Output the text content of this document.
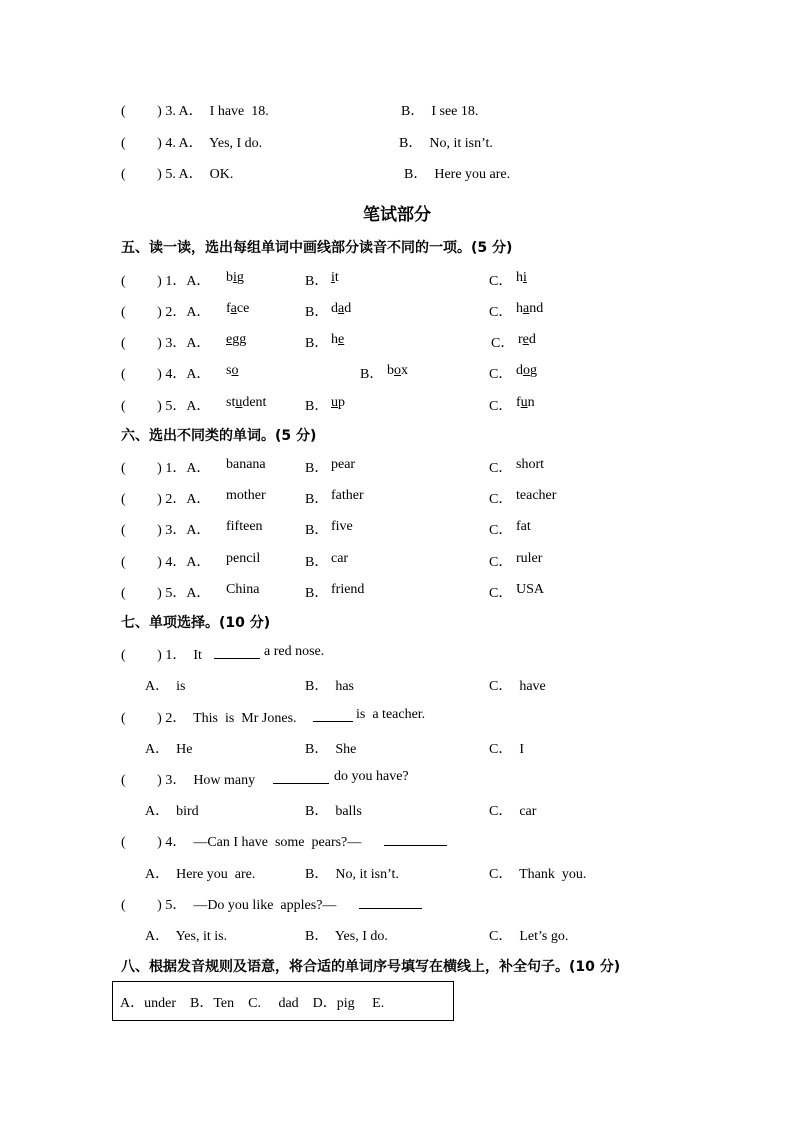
(         ) 3. A．  I have  18.	B．  I see 18.
(         ) 4. A．  Yes, I do.	B．  No, it isn’t.
(         ) 5. A．  OK.	B．  Here you are.
笔试部分
五、读一读，选出每组单词中画线部分读音不同的一项。(5 分)
(         ) 1．A． big	B． it	C． hi
(         ) 2．A． face	B． dad	C． hand
(         ) 3．A． egg	B． he	C． red
(         ) 4．A． so	B． box	C． dog
(         ) 5．A． student	B． up	C． fun
六、选出不同类的单词。(5 分)
(         ) 1．A． banana	B． pear	C． short
(         ) 2．A． mother	B． father	C． teacher
(         ) 3．A． fifteen	B． five	C． fat
(         ) 4．A． pencil	B． car	C． ruler
(         ) 5．A． China	B． friend	C． USA
七、单项选择。(10 分)
(         ) 1．  It	a red nose.
A．  is	B．  has	C．  have
(         ) 2．  This  is  Mr Jones.	is  a teacher.
A．  He	B．  She	C．  I
(         ) 3．  How many	do you have?
A．  bird	B．  balls	C．  car
(         ) 4．  —Can I have  some  pears?—
A．  Here you  are.	B．  No, it isn’t.	C．  Thank  you.
(         ) 5．  —Do you like  apples?—
A．  Yes, it is.	B．  Yes, I do.	C．  Let’s go.
八、根据发音规则及语意，将合适的单词序号填写在横线上，补全句子。(10 分)
A．under    B．Ten    C.     dad    D．pig     E.
